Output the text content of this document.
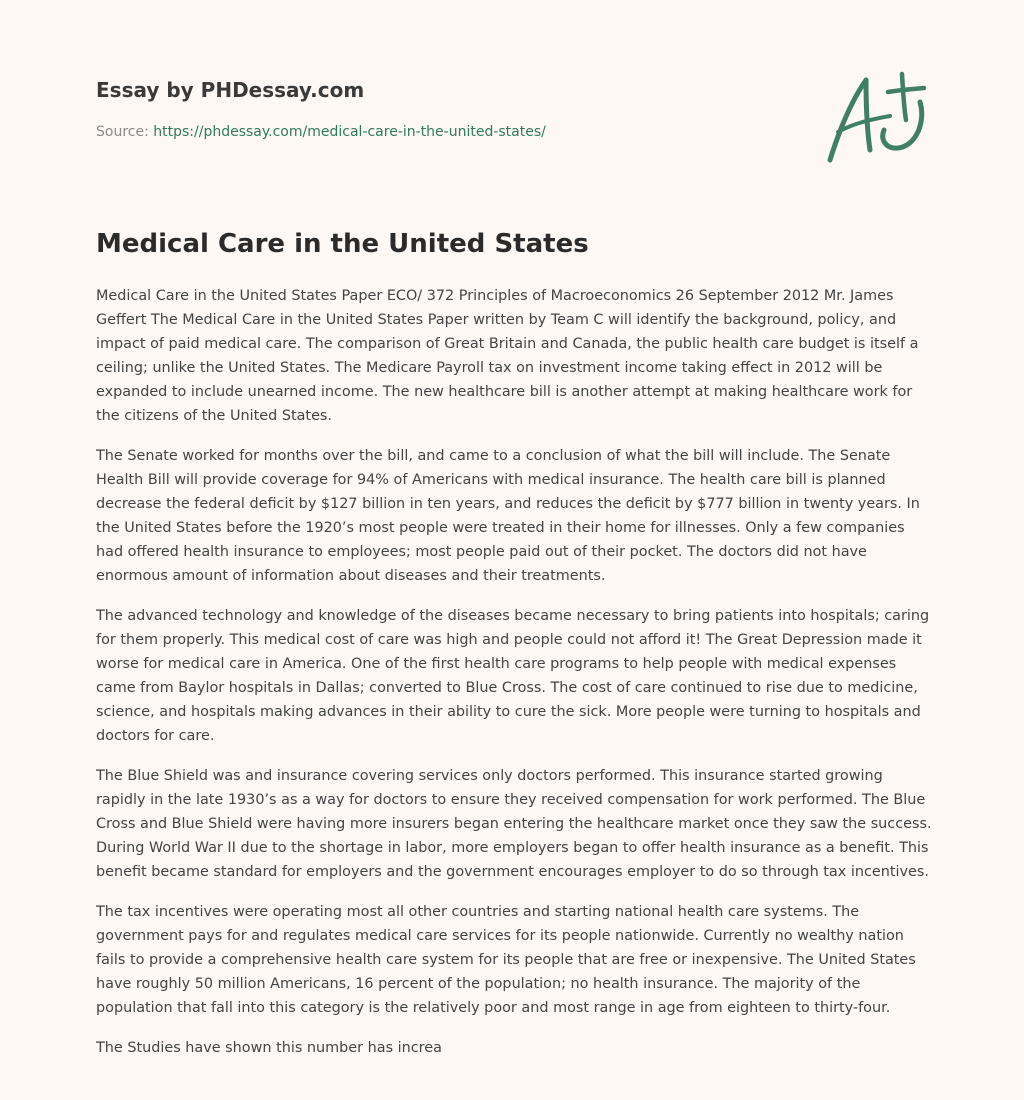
Essay by PHDessay.com
Source: https://phdessay.com/medical-care-in-the-united-states/
Medical Care in the United States

Medical Care in the United States Paper ECO/ 372 Principles of Macroeconomics 26 September 2012 Mr. James Geffert The Medical Care in the United States Paper written by Team C will identify the background, policy, and impact of paid medical care. The comparison of Great Britain and Canada, the public health care budget is itself a ceiling; unlike the United States. The Medicare Payroll tax on investment income taking effect in 2012 will be expanded to include unearned income. The new healthcare bill is another attempt at making healthcare work for the citizens of the United States.

The Senate worked for months over the bill, and came to a conclusion of what the bill will include. The Senate Health Bill will provide coverage for 94% of Americans with medical insurance. The health care bill is planned decrease the federal deficit by $127 billion in ten years, and reduces the deficit by $777 billion in twenty years. In the United States before the 1920’s most people were treated in their home for illnesses. Only a few companies had offered health insurance to employees; most people paid out of their pocket. The doctors did not have enormous amount of information about diseases and their treatments.

The advanced technology and knowledge of the diseases became necessary to bring patients into hospitals; caring for them properly. This medical cost of care was high and people could not afford it! The Great Depression made it worse for medical care in America. One of the first health care programs to help people with medical expenses came from Baylor hospitals in Dallas; converted to Blue Cross. The cost of care continued to rise due to medicine, science, and hospitals making advances in their ability to cure the sick. More people were turning to hospitals and doctors for care.

The Blue Shield was and insurance covering services only doctors performed. This insurance started growing rapidly in the late 1930’s as a way for doctors to ensure they received compensation for work performed. The Blue Cross and Blue Shield were having more insurers began entering the healthcare market once they saw the success. During World War II due to the shortage in labor, more employers began to offer health insurance as a benefit. This benefit became standard for employers and the government encourages employer to do so through tax incentives.

The tax incentives were operating most all other countries and starting national health care systems. The government pays for and regulates medical care services for its people nationwide. Currently no wealthy nation fails to provide a comprehensive health care system for its people that are free or inexpensive. The United States have roughly 50 million Americans, 16 percent of the population; no health insurance. The majority of the population that fall into this category is the relatively poor and most range in age from eighteen to thirty-four.

The Studies have shown this number has increa
